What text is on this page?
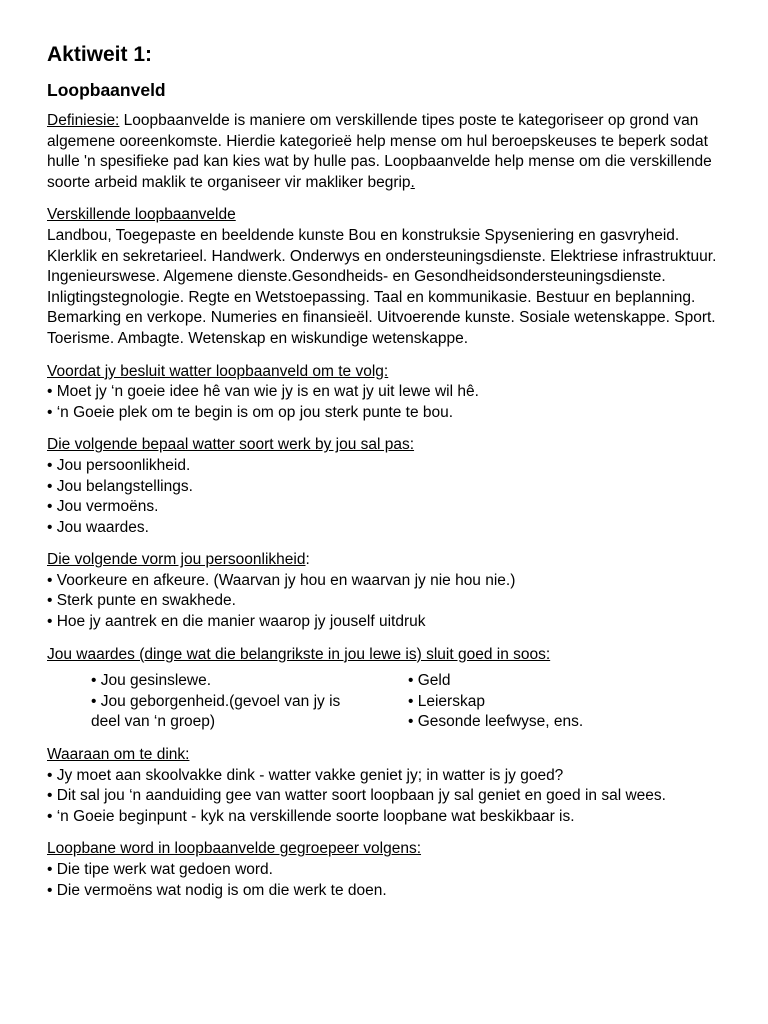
Aktiweit 1:
Loopbaanveld

Definiesie: Loopbaanvelde is maniere om verskillende tipes poste te kategoriseer op grond van algemene ooreenkomste. Hierdie kategorieë help mense om hul beroepskeuses te beperk sodat hulle 'n spesifieke pad kan kies wat by hulle pas. Loopbaanvelde help mense om die verskillende soorte arbeid maklik te organiseer vir makliker begrip.

Verskillende loopbaanvelde

Landbou, Toegepaste en beeldende kunste Bou en konstruksie Spyseniering en gasvryheid. Klerklik en sekretarieel. Handwerk. Onderwys en ondersteuningsdienste. Elektriese infrastruktuur.

Ingenieurswese. Algemene dienste.Gesondheids- en Gesondheidsondersteuningsdienste. Inligtingstegnologie. Regte en Wetstoepassing. Taal en kommunikasie. Bestuur en beplanning. Bemarking en verkope. Numeries en finansieël. Uitvoerende kunste. Sosiale wetenskappe. Sport. Toerisme. Ambagte. Wetenskap en wiskundige wetenskappe.

Voordat jy besluit watter loopbaanveld om te volg:

• Moet jy ‘n goeie idee hê van wie jy is en wat jy uit lewe wil hê.

• ‘n Goeie plek om te begin is om op jou sterk punte te bou.

Die volgende bepaal watter soort werk by jou sal pas:

• Jou persoonlikheid.

• Jou belangstellings.

• Jou vermoëns.

• Jou waardes.

Die volgende vorm jou persoonlikheid:

• Voorkeure en afkeure. (Waarvan jy hou en waarvan jy nie hou nie.)

• Sterk punte en swakhede.

• Hoe jy aantrek en die manier waarop jy jouself uitdruk

Jou waardes (dinge wat die belangrikste in jou lewe is) sluit goed in soos:

• Jou gesinslewe.

• Jou geborgenheid.(gevoel van jy is deel van ‘n groep)

• Geld

• Leierskap

• Gesonde leefwyse, ens.

Waaraan om te dink:

• Jy moet aan skoolvakke dink - watter vakke geniet jy; in watter is jy goed?

• Dit sal jou ‘n aanduiding gee van watter soort loopbaan jy sal geniet en goed in sal wees.

• ‘n Goeie beginpunt - kyk na verskillende soorte loopbane wat beskikbaar is.

Loopbane word in loopbaanvelde gegroepeer volgens:

• Die tipe werk wat gedoen word.

• Die vermoëns wat nodig is om die werk te doen.
